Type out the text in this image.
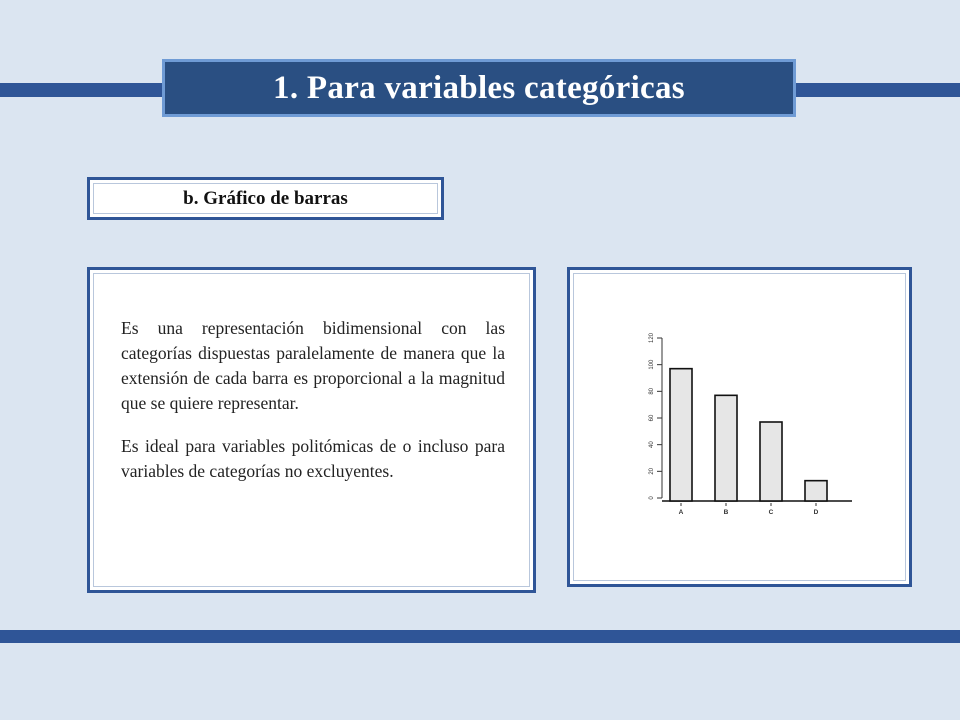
1. Para variables categóricas
b. Gráfico de barras

Es una representación bidimensional con las categorías dispuestas paralelamente de manera que la extensión de cada barra es proporcional a la magnitud que se quiere representar.

Es ideal para variables politómicas de o incluso para variables de categorías no excluyentes.

0
20
40
60
80
100
120
A	B	C	D
